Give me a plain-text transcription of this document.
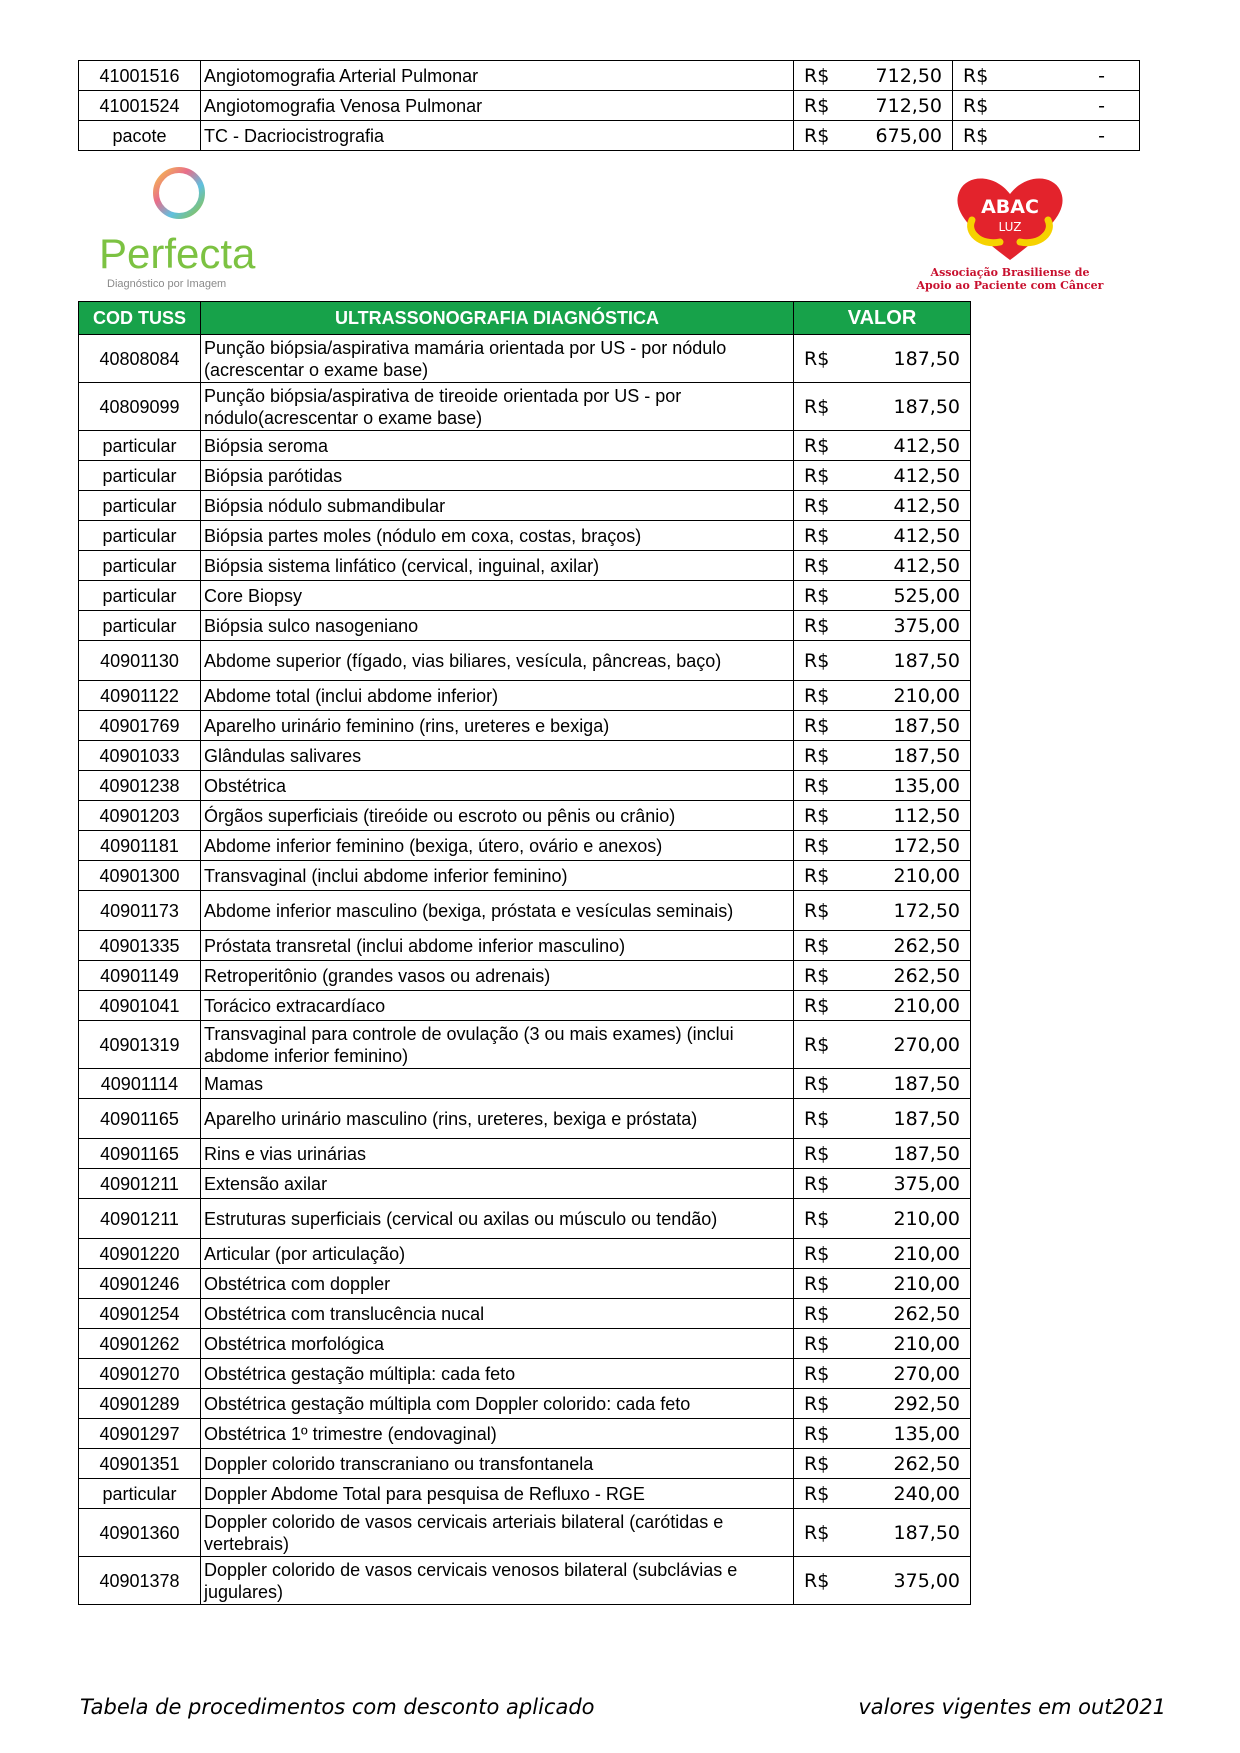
41001516	Angiotomografia Arterial Pulmonar	R$	712,50	R$	-
41001524	Angiotomografia Venosa Pulmonar	R$	712,50	R$	-
pacote	TC - Dacriocistrografia	R$	675,00	R$	-
Perfecta
Diagnóstico por Imagem
ABAC
LUZ
Associação Brasiliense de
Apoio ao Paciente com Câncer
COD TUSS	ULTRASSONOGRAFIA DIAGNÓSTICA	VALOR	
40808084	Punção biópsia/aspirativa mamária orientada por US - por nódulo (acrescentar o exame base)	R$	187,50
40809099	Punção biópsia/aspirativa de tireoide orientada por US - por nódulo(acrescentar o exame base)	R$	187,50
particular	Biópsia seroma	R$	412,50
particular	Biópsia parótidas	R$	412,50
particular	Biópsia nódulo submandibular	R$	412,50
particular	Biópsia partes moles (nódulo em coxa, costas, braços)	R$	412,50
particular	Biópsia sistema linfático (cervical, inguinal, axilar)	R$	412,50
particular	Core Biopsy	R$	525,00
particular	Biópsia sulco nasogeniano	R$	375,00
40901130	Abdome superior (fígado, vias biliares, vesícula, pâncreas, baço)	R$	187,50
40901122	Abdome total (inclui abdome inferior)	R$	210,00
40901769	Aparelho urinário feminino (rins, ureteres e bexiga)	R$	187,50
40901033	Glândulas salivares	R$	187,50
40901238	Obstétrica	R$	135,00
40901203	Órgãos superficiais (tireóide ou escroto ou pênis ou crânio)	R$	112,50
40901181	Abdome inferior feminino (bexiga, útero, ovário e anexos)	R$	172,50
40901300	Transvaginal (inclui abdome inferior feminino)	R$	210,00
40901173	Abdome inferior masculino (bexiga, próstata e vesículas seminais)	R$	172,50
40901335	Próstata transretal (inclui abdome inferior masculino)	R$	262,50
40901149	Retroperitônio (grandes vasos ou adrenais)	R$	262,50
40901041	Torácico extracardíaco	R$	210,00
40901319	Transvaginal para controle de ovulação (3 ou mais exames) (inclui abdome inferior feminino)	R$	270,00
40901114	Mamas	R$	187,50
40901165	Aparelho urinário masculino (rins, ureteres, bexiga e próstata)	R$	187,50
40901165	Rins e vias urinárias	R$	187,50
40901211	Extensão axilar	R$	375,00
40901211	Estruturas superficiais (cervical ou axilas ou músculo ou tendão)	R$	210,00
40901220	Articular (por articulação)	R$	210,00
40901246	Obstétrica com doppler	R$	210,00
40901254	Obstétrica com translucência nucal	R$	262,50
40901262	Obstétrica morfológica	R$	210,00
40901270	Obstétrica gestação múltipla: cada feto	R$	270,00
40901289	Obstétrica gestação múltipla com Doppler colorido: cada feto	R$	292,50
40901297	Obstétrica 1º trimestre (endovaginal)	R$	135,00
40901351	Doppler colorido transcraniano ou transfontanela	R$	262,50
particular	Doppler Abdome Total para pesquisa de Refluxo - RGE	R$	240,00
40901360	Doppler colorido de vasos cervicais arteriais bilateral (carótidas e vertebrais)	R$	187,50
40901378	Doppler colorido de vasos cervicais venosos bilateral (subclávias e jugulares)	R$	375,00
Tabela de procedimentos com desconto aplicado	valores vigentes em out2021
